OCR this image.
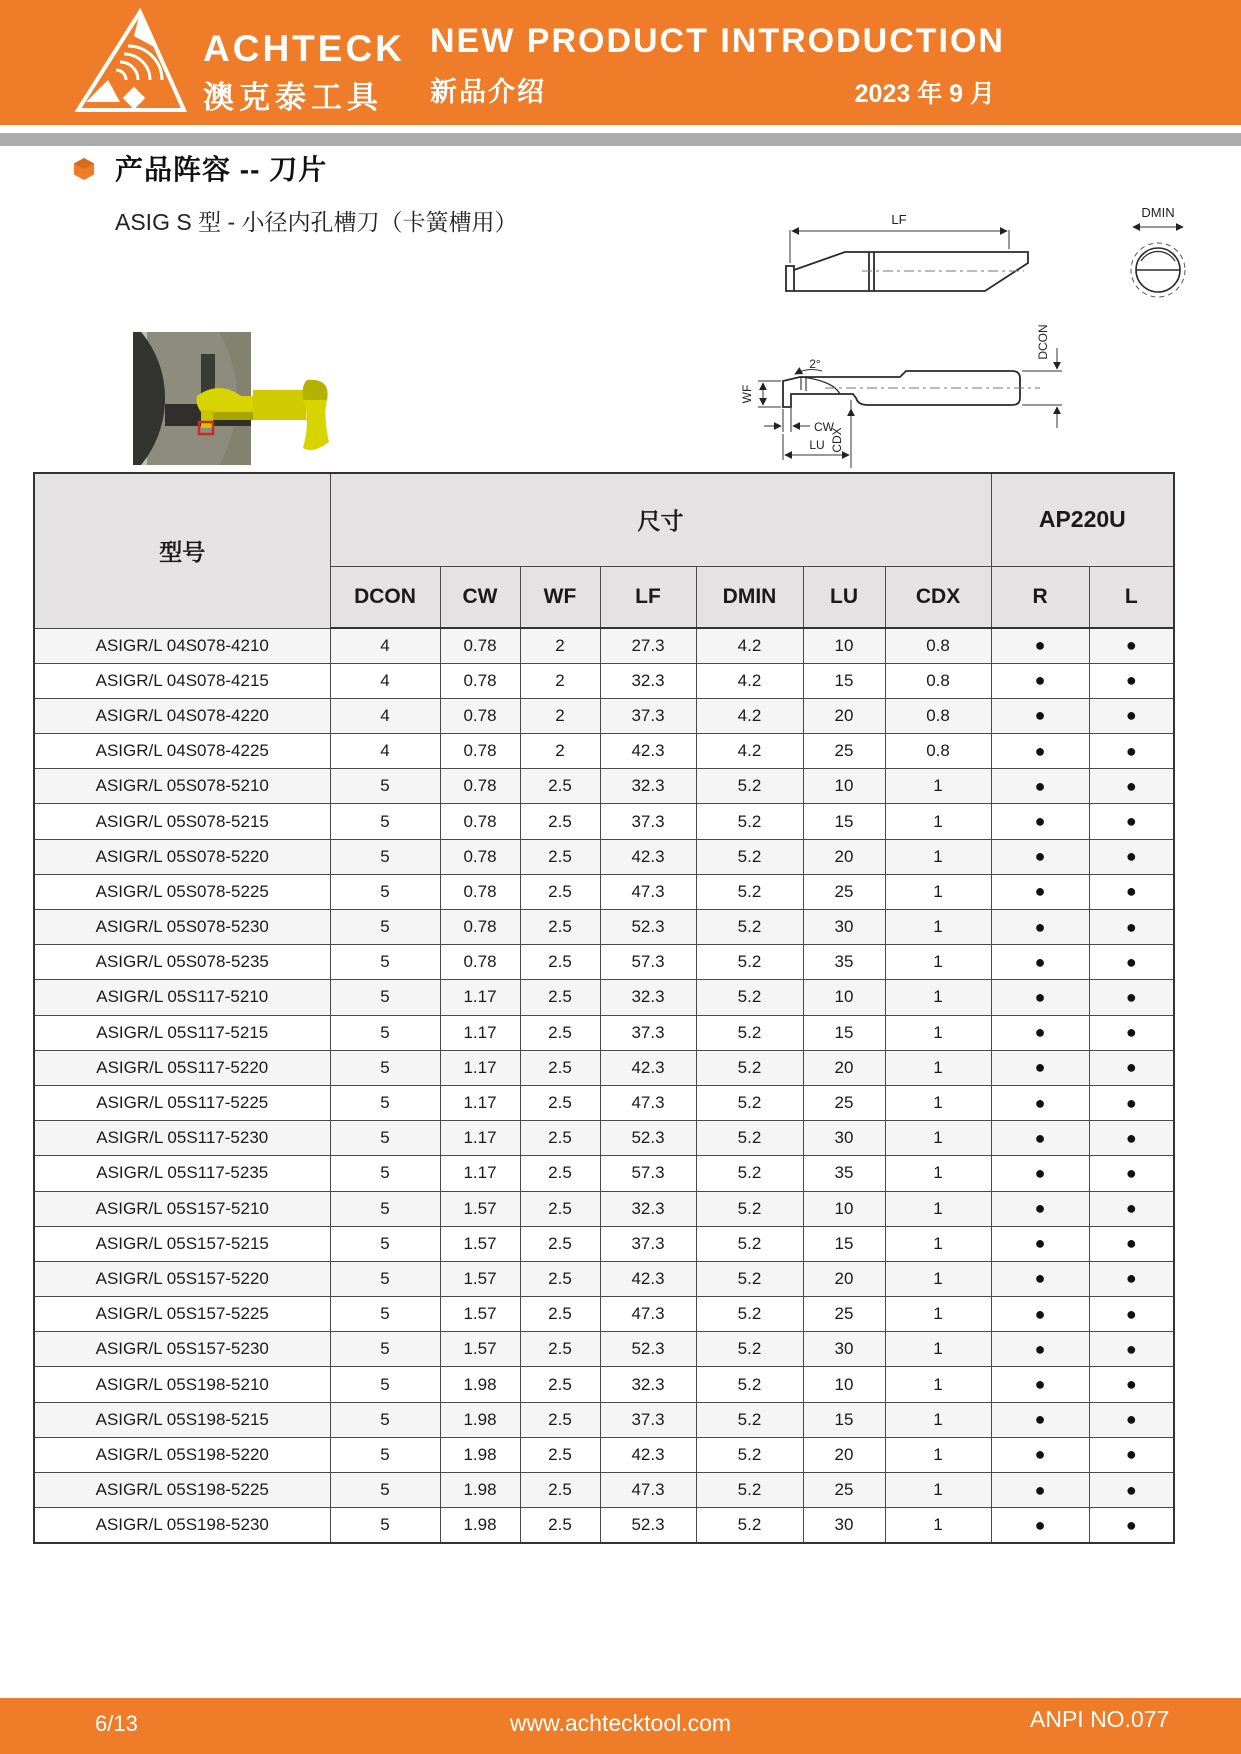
ACHTECK
澳克泰工具
NEW PRODUCT INTRODUCTION
新品介绍	2023 年 9 月
产品阵容 -- 刀片
ASIG S 型 - 小径内孔槽刀（卡簧槽用）	LF	DMIN
WF
2°
CW
CDX
LU
DCON
型号	尺寸							AP220U	
	DCON	CW	WF	LF	DMIN	LU	CDX	R	L
ASIGR/L 04S078-4210	4	0.78	2	27.3	4.2	10	0.8	●	●
ASIGR/L 04S078-4215	4	0.78	2	32.3	4.2	15	0.8	●	●
ASIGR/L 04S078-4220	4	0.78	2	37.3	4.2	20	0.8	●	●
ASIGR/L 04S078-4225	4	0.78	2	42.3	4.2	25	0.8	●	●
ASIGR/L 05S078-5210	5	0.78	2.5	32.3	5.2	10	1	●	●
ASIGR/L 05S078-5215	5	0.78	2.5	37.3	5.2	15	1	●	●
ASIGR/L 05S078-5220	5	0.78	2.5	42.3	5.2	20	1	●	●
ASIGR/L 05S078-5225	5	0.78	2.5	47.3	5.2	25	1	●	●
ASIGR/L 05S078-5230	5	0.78	2.5	52.3	5.2	30	1	●	●
ASIGR/L 05S078-5235	5	0.78	2.5	57.3	5.2	35	1	●	●
ASIGR/L 05S117-5210	5	1.17	2.5	32.3	5.2	10	1	●	●
ASIGR/L 05S117-5215	5	1.17	2.5	37.3	5.2	15	1	●	●
ASIGR/L 05S117-5220	5	1.17	2.5	42.3	5.2	20	1	●	●
ASIGR/L 05S117-5225	5	1.17	2.5	47.3	5.2	25	1	●	●
ASIGR/L 05S117-5230	5	1.17	2.5	52.3	5.2	30	1	●	●
ASIGR/L 05S117-5235	5	1.17	2.5	57.3	5.2	35	1	●	●
ASIGR/L 05S157-5210	5	1.57	2.5	32.3	5.2	10	1	●	●
ASIGR/L 05S157-5215	5	1.57	2.5	37.3	5.2	15	1	●	●
ASIGR/L 05S157-5220	5	1.57	2.5	42.3	5.2	20	1	●	●
ASIGR/L 05S157-5225	5	1.57	2.5	47.3	5.2	25	1	●	●
ASIGR/L 05S157-5230	5	1.57	2.5	52.3	5.2	30	1	●	●
ASIGR/L 05S198-5210	5	1.98	2.5	32.3	5.2	10	1	●	●
ASIGR/L 05S198-5215	5	1.98	2.5	37.3	5.2	15	1	●	●
ASIGR/L 05S198-5220	5	1.98	2.5	42.3	5.2	20	1	●	●
ASIGR/L 05S198-5225	5	1.98	2.5	47.3	5.2	25	1	●	●
ASIGR/L 05S198-5230	5	1.98	2.5	52.3	5.2	30	1	●	●
6/13	www.achtecktool.com	ANPI NO.077
